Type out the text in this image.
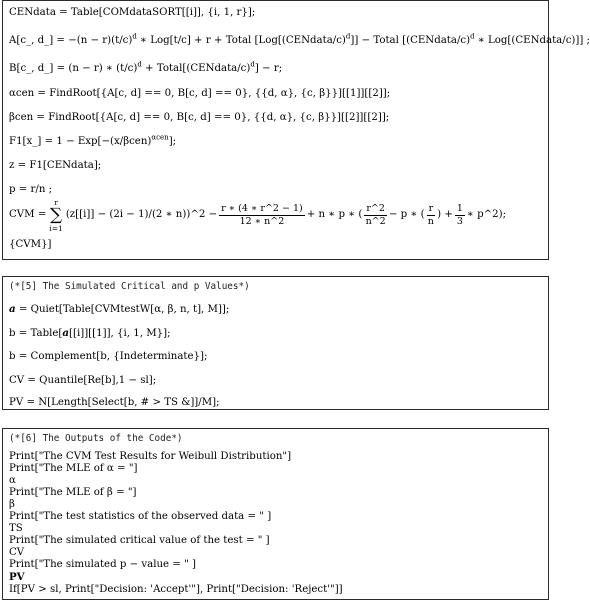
CENdata = Table[COMdataSORT[[i]], {i, 1, r}];
A[c_, d_] = $-(n - r)(t/c)^d$ ∗ Log[t/c] + r + Total [Log[(CENdata/c)$^d$]] − Total [(CENdata/c)$^d$ ∗ Log[(CENdata/c)]] ;
B[c_, d_] = (n − r) ∗ $(t/c)^d$ + Total[(CENdata/c)$^d$] − r;
αcen = FindRoot[{A[c, d] == 0, B[c, d] == 0}, {{d, α}, {c, β}}][[1]][[2]];
βcen = FindRoot[{A[c, d] == 0, B[c, d] == 0}, {{d, α}, {c, β}}][[2]][[2]];
F1[x_] = $1 - Exp[-(x/\beta cen)^{\alpha cen}]$;
z = F1[CENdata];
p = r/n ;
CVM =
r
∑
i=1
(z[[i]] − (2i − 1)/(2 ∗ n))^2 − $\frac{r ∗ (4 ∗ r\^{}2 - 1)}{12 ∗ n\^{}2} + n$ ∗ p ∗ ( $\frac{r\^{}2}{n\^{}2} - p$ ∗ ( $\frac{r}{n}$ ) + $\frac{1}{3}$ ∗ p^2);
{CVM}]
(*[5] The Simulated Critical and p Values*)
a = Quiet[Table[CVMtestW[α, β, n, t], M]];
b = Table[a[[i]][[1]], {i, 1, M}];
b = Complement[b, {Indeterminate}];
CV = Quantile[Re[b],1 − sl];
PV = N[Length[Select[b, # > TS &]]/M];
(*[6] The Outputs of the Code*)
Print["The CVM Test Results for Weibull Distribution"]
Print["The MLE of α = "]
α
Print["The MLE of β = "]
β
Print["The test statistics of the observed data = " ]
TS
Print["The simulated critical value of the test = " ]
CV
Print["The simulated p − value = " ]
PV
If[PV > sl, Print["Decision: 'Accept'"], Print["Decision: 'Reject'"]]
